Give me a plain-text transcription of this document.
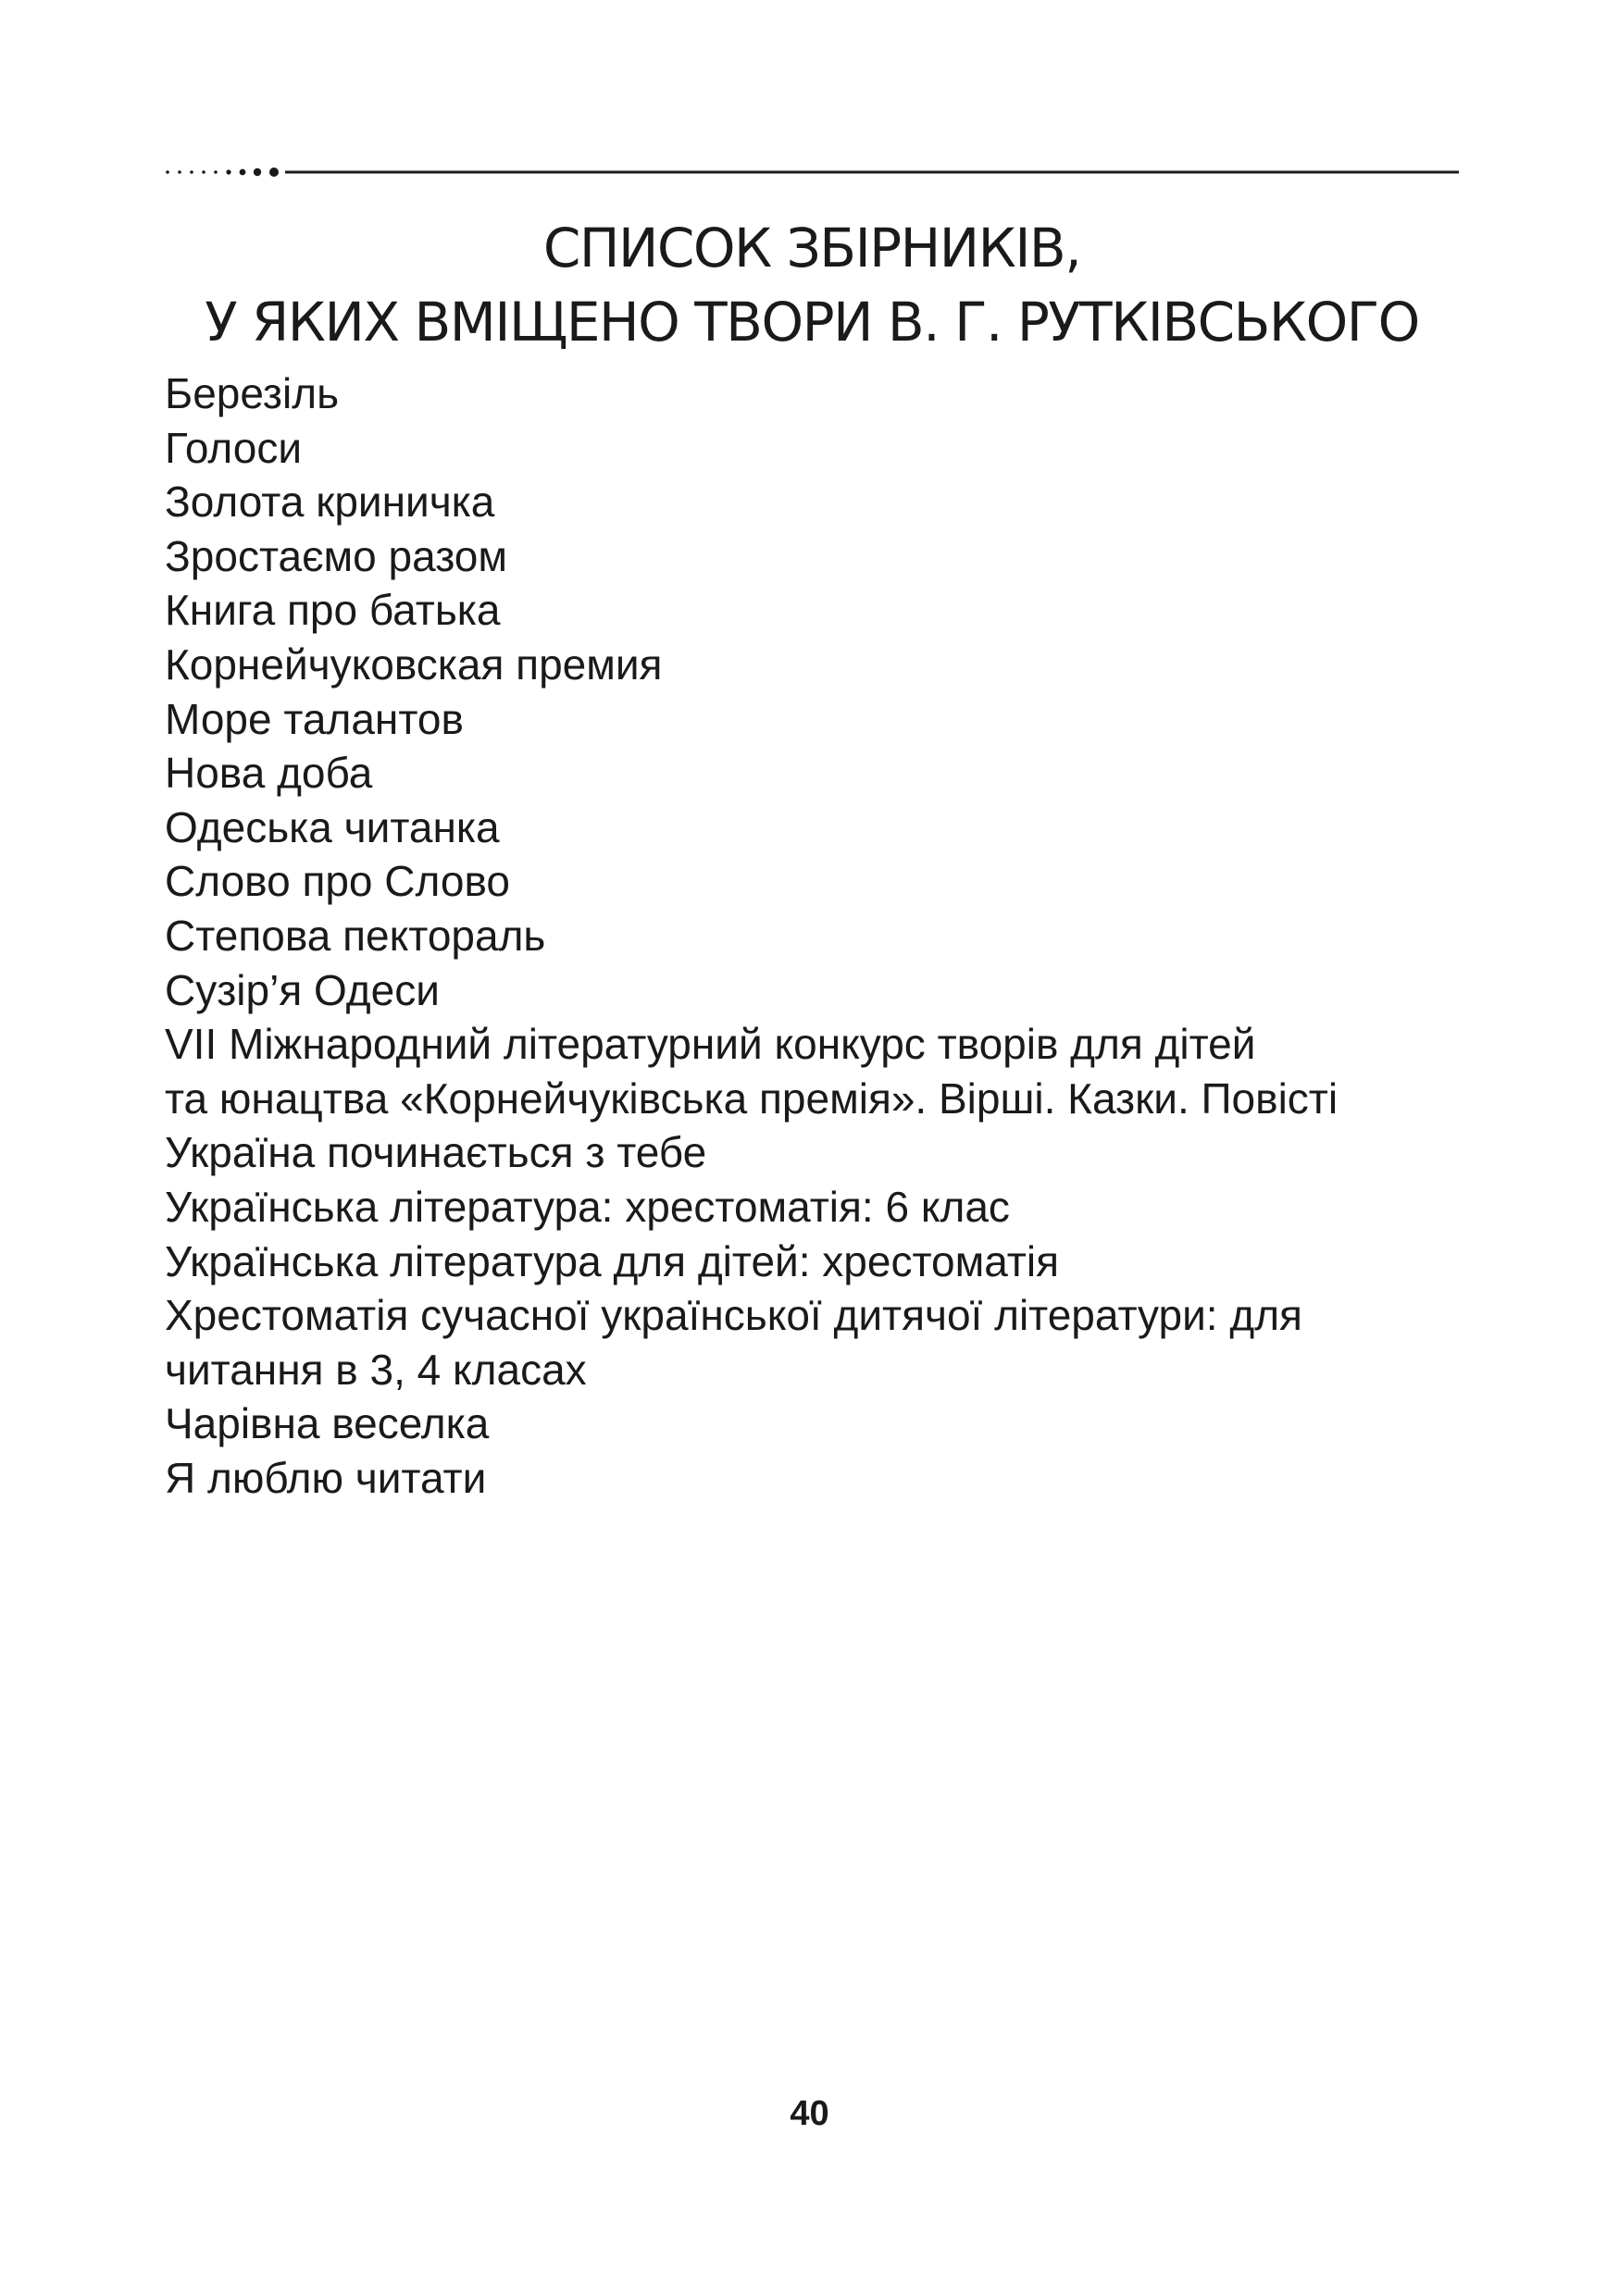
СПИСОК ЗБІРНИКІВ,
У ЯКИХ ВМІЩЕНО ТВОРИ В. Г. РУТКІВСЬКОГО
Березіль
Голоси
Золота криничка
Зростаємо разом
Книга про батька
Корнейчуковская премия
Море талантов
Нова доба
Одеська читанка
Слово про Слово
Степова пектораль
Сузір’я Одеси
VII Міжнародний літературний конкурс творів для дітей
та юнацтва «Корнейчуківська премія». Вірші. Казки. Повісті
Україна починається з тебе
Українська література: хрестоматія: 6 клас
Українська література для дітей: хрестоматія
Хрестоматія сучасної української дитячої літератури: для
читання в 3, 4 класах
Чарівна веселка
Я люблю читати
40
